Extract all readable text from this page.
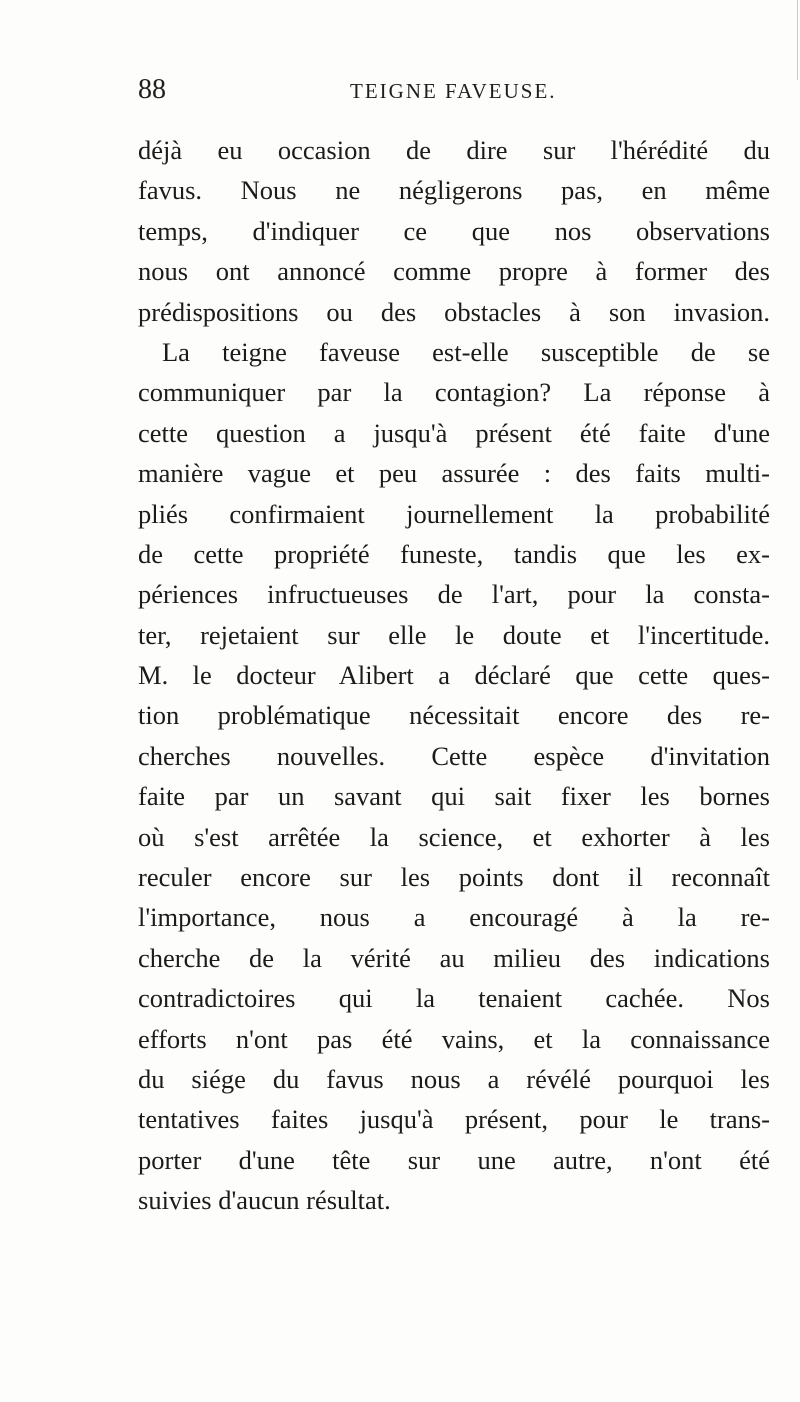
88	TEIGNE FAVEUSE.
déjà eu occasion de dire sur l'hérédité du
favus. Nous ne négligerons pas, en même
temps, d'indiquer ce que nos observations
nous ont annoncé comme propre à former des
prédispositions ou des obstacles à son invasion.
La teigne faveuse est-elle susceptible de se
communiquer par la contagion? La réponse à
cette question a jusqu'à présent été faite d'une
manière vague et peu assurée : des faits multi-
pliés confirmaient journellement la probabilité
de cette propriété funeste, tandis que les ex-
périences infructueuses de l'art, pour la consta-
ter, rejetaient sur elle le doute et l'incertitude.
M. le docteur Alibert a déclaré que cette ques-
tion problématique nécessitait encore des re-
cherches nouvelles. Cette espèce d'invitation
faite par un savant qui sait fixer les bornes
où s'est arrêtée la science, et exhorter à les
reculer encore sur les points dont il reconnaît
l'importance, nous a encouragé à la re-
cherche de la vérité au milieu des indications
contradictoires qui la tenaient cachée. Nos
efforts n'ont pas été vains, et la connaissance
du siége du favus nous a révélé pourquoi les
tentatives faites jusqu'à présent, pour le trans-
porter d'une tête sur une autre, n'ont été
suivies d'aucun résultat.
